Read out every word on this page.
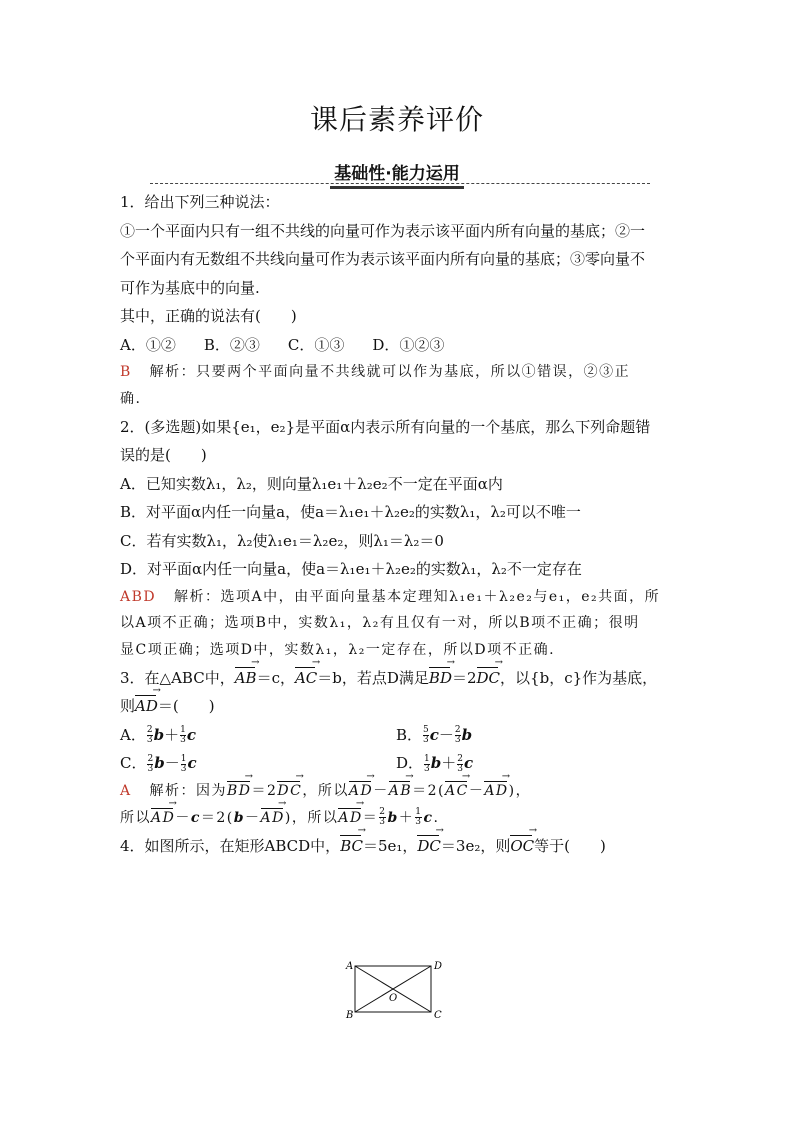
课后素养评价
基础性·能力运用
1．给出下列三种说法：
①一个平面内只有一组不共线的向量可作为表示该平面内所有向量的基底；②一
个平面内有无数组不共线向量可作为表示该平面内所有向量的基底；③零向量不
可作为基底中的向量.
其中，正确的说法有(　　)
A．①② B．②③ C．①③ D．①②③
B 解析：只要两个平面向量不共线就可以作为基底，所以①错误，②③正
确.
2．(多选题)如果{e₁，e₂}是平面α内表示所有向量的一个基底，那么下列命题错
误的是(　　)
A．已知实数λ₁，λ₂，则向量λ₁e₁＋λ₂e₂不一定在平面α内
B．对平面α内任一向量a，使a＝λ₁e₁＋λ₂e₂的实数λ₁，λ₂可以不唯一
C．若有实数λ₁，λ₂使λ₁e₁＝λ₂e₂，则λ₁＝λ₂＝0
D．对平面α内任一向量a，使a＝λ₁e₁＋λ₂e₂的实数λ₁，λ₂不一定存在
ABD 解析：选项A中，由平面向量基本定理知λ₁e₁＋λ₂e₂与e₁，e₂共面，所
以A项不正确；选项B中，实数λ₁，λ₂有且仅有一对，所以B项不正确；很明
显C项正确；选项D中，实数λ₁，λ₂一定存在，所以D项不正确.
3．在△ABC中，AB →＝c，AC →＝b，若点D满足BD →＝2DC →，以{b，c}作为基底，
则AD →＝(　　)
A． $\frac{2}{3} b+ \frac{1}{3}$ c	B． $\frac{5}{3} c- \frac{2}{3}$ b
C． $\frac{2}{3} b- \frac{1}{3}$ c	D． $\frac{1}{3} b+ \frac{2}{3}$ c
A 解析：因为BD →＝2DC →，所以AD →－AB →＝2(AC →－AD →)，
所以AD →－c＝2(b－AD →)，所以AD →＝ $\frac{2}{3} b+ \frac{1}{3} c$.
4．如图所示，在矩形ABCD中，BC →＝5e₁，DC →＝3e₂，则OC →等于(　　)
A	D
O
B	C
